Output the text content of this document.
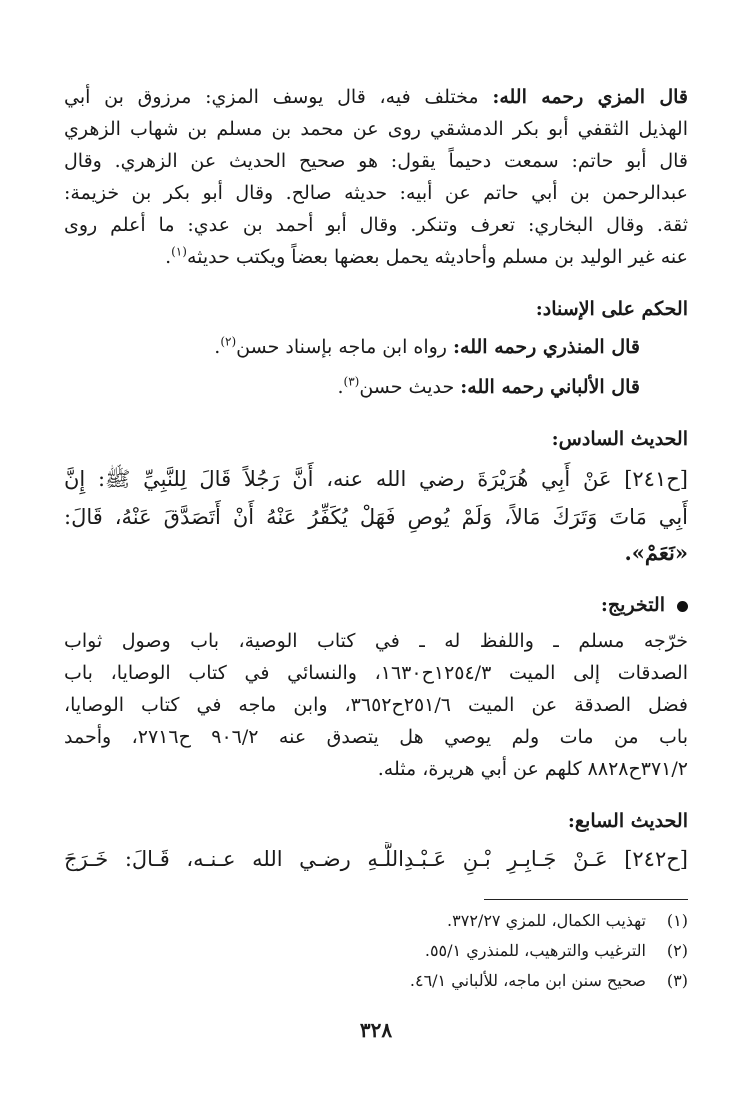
قال المزي رحمه الله: مختلف فيه، قال يوسف المزي: مرزوق بن أبي
الهذيل الثقفي أبو بكر الدمشقي روى عن محمد بن مسلم بن شهاب الزهري
قال أبو حاتم: سمعت دحيماً يقول: هو صحيح الحديث عن الزهري. وقال
عبدالرحمن بن أبي حاتم عن أبيه: حديثه صالح. وقال أبو بكر بن خزيمة:
ثقة. وقال البخاري: تعرف وتنكر. وقال أبو أحمد بن عدي: ما أعلم روى
عنه غير الوليد بن مسلم وأحاديثه يحمل بعضها بعضاً ويكتب حديثه$^{(١)}$.
الحكم على الإسناد:
قال المنذري رحمه الله: رواه ابن ماجه بإسناد حسن$^{(٢)}$.
قال الألباني رحمه الله: حديث حسن$^{(٣)}$.
الحديث السادس:
[ح٢٤١] عَنْ أَبِي هُرَيْرَةَ رضي الله عنه، أَنَّ رَجُلاً قَالَ لِلنَّبِيِّ ﷺ: إِنَّ
أَبِي مَاتَ وَتَرَكَ مَالاً، وَلَمْ يُوصِ فَهَلْ يُكَفِّرُ عَنْهُ أَنْ أَتَصَدَّقَ عَنْهُ، قَالَ:
«نَعَمْ».
التخريج:
خرّجه مسلم ـ واللفظ له ـ في كتاب الوصية، باب وصول ثواب
الصدقات إلى الميت ١٢٥٤/٣ح١٦٣٠، والنسائي في كتاب الوصايا، باب
فضل الصدقة عن الميت ٢٥١/٦ح٣٦٥٢، وابن ماجه في كتاب الوصايا،
باب من مات ولم يوصي هل يتصدق عنه ٩٠٦/٢ ح٢٧١٦، وأحمد
٣٧١/٢ح٨٨٢٨ كلهم عن أبي هريرة، مثله.
الحديث السابع:
[ح٢٤٢] عَـنْ جَـابِـرِ بْـنِ عَـبْـدِاللَّـهِ رضـي الله عـنـه، قَـالَ: خَـرَجَ
(١)تهذيب الكمال، للمزي ٣٧٢/٢٧.
(٢)الترغيب والترهيب، للمنذري ٥٥/١.
(٣)صحيح سنن ابن ماجه، للألباني ٤٦/١.
٣٢٨
